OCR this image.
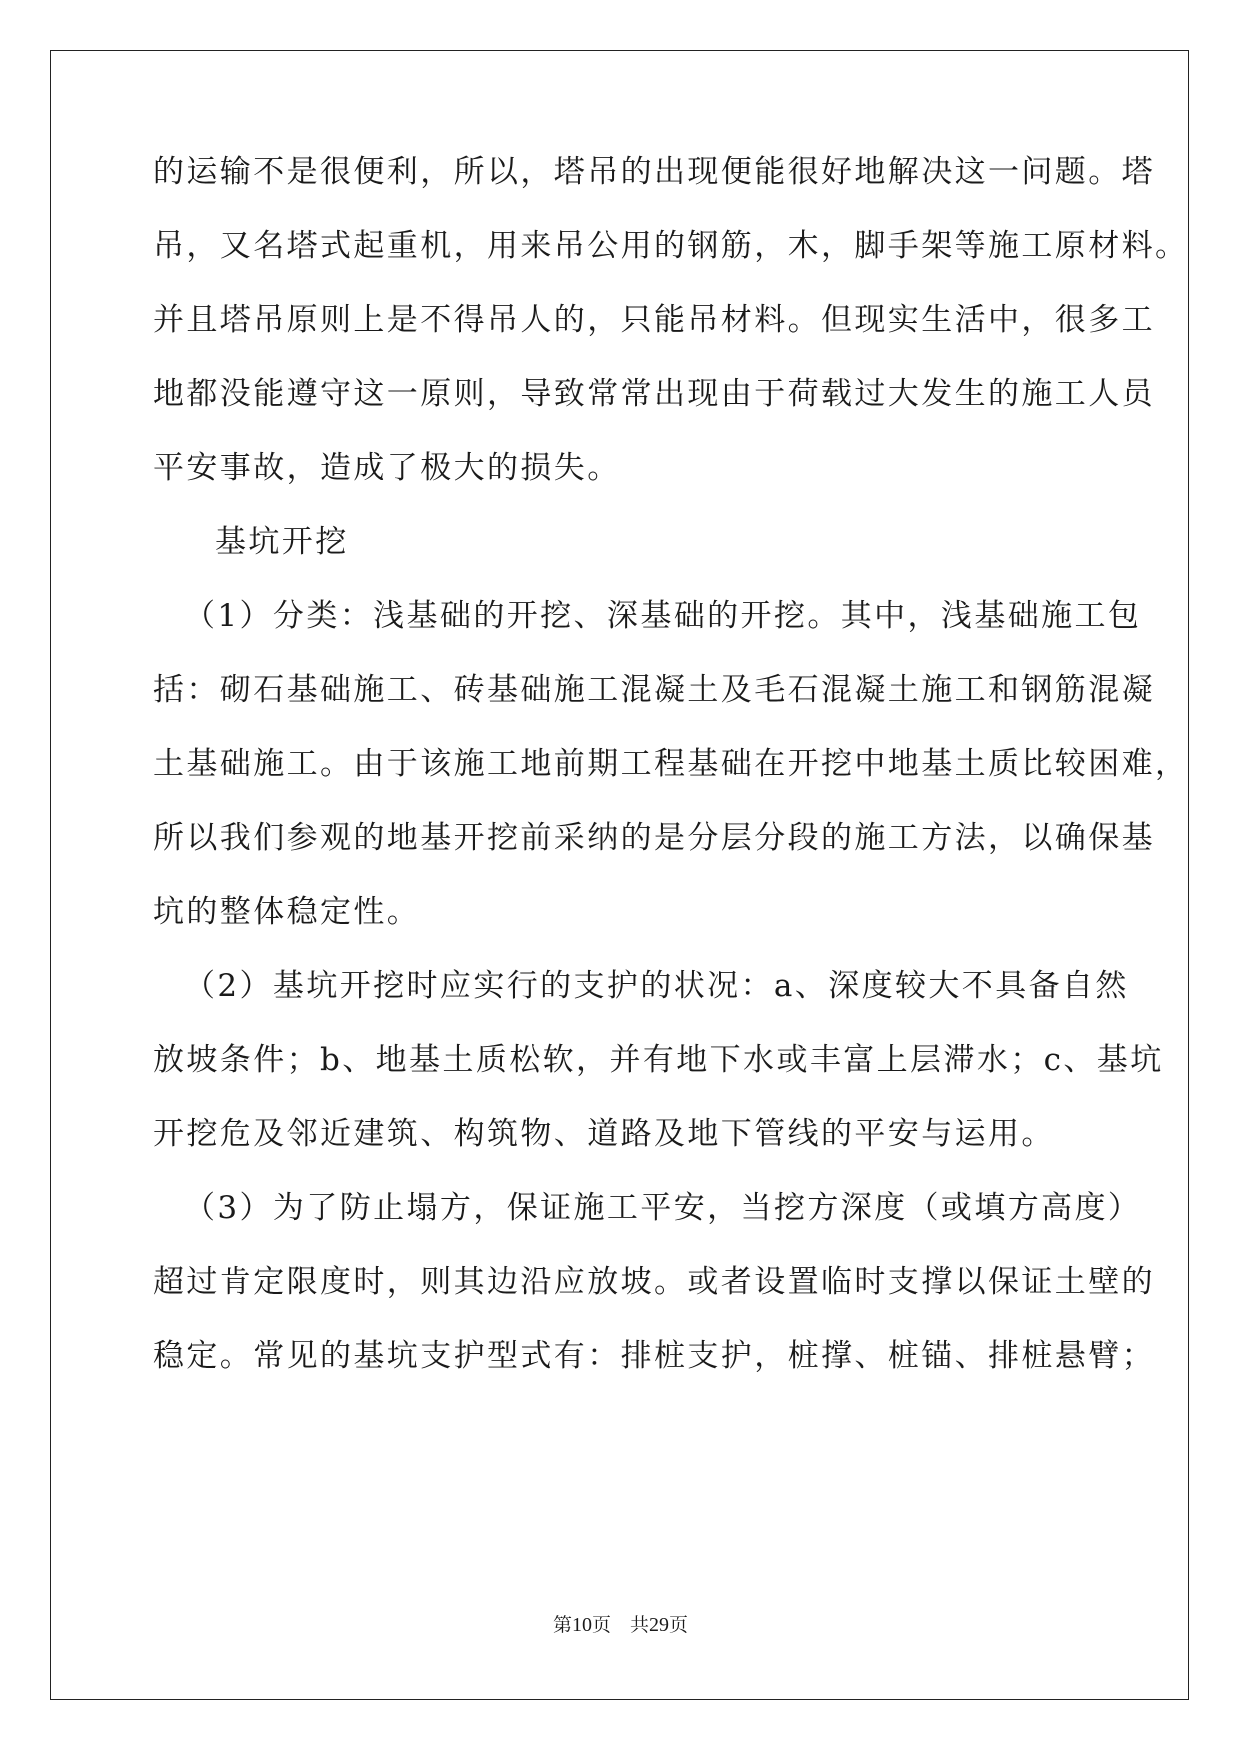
的运输不是很便利，所以，塔吊的出现便能很好地解决这一问题。塔
吊，又名塔式起重机，用来吊公用的钢筋，木，脚手架等施工原材料。
并且塔吊原则上是不得吊人的，只能吊材料。但现实生活中，很多工
地都没能遵守这一原则，导致常常出现由于荷载过大发生的施工人员
平安事故，造成了极大的损失。
基坑开挖
（1）分类：浅基础的开挖、深基础的开挖。其中，浅基础施工包
括：砌石基础施工、砖基础施工混凝土及毛石混凝土施工和钢筋混凝
土基础施工。由于该施工地前期工程基础在开挖中地基土质比较困难，
所以我们参观的地基开挖前采纳的是分层分段的施工方法，以确保基
坑的整体稳定性。
（2）基坑开挖时应实行的支护的状况：a、深度较大不具备自然
放坡条件；b、地基土质松软，并有地下水或丰富上层滞水；c、基坑
开挖危及邻近建筑、构筑物、道路及地下管线的平安与运用。
（3）为了防止塌方，保证施工平安，当挖方深度（或填方高度）
超过肯定限度时，则其边沿应放坡。或者设置临时支撑以保证土壁的
稳定。常见的基坑支护型式有：排桩支护，桩撑、桩锚、排桩悬臂；
第10页　共29页
